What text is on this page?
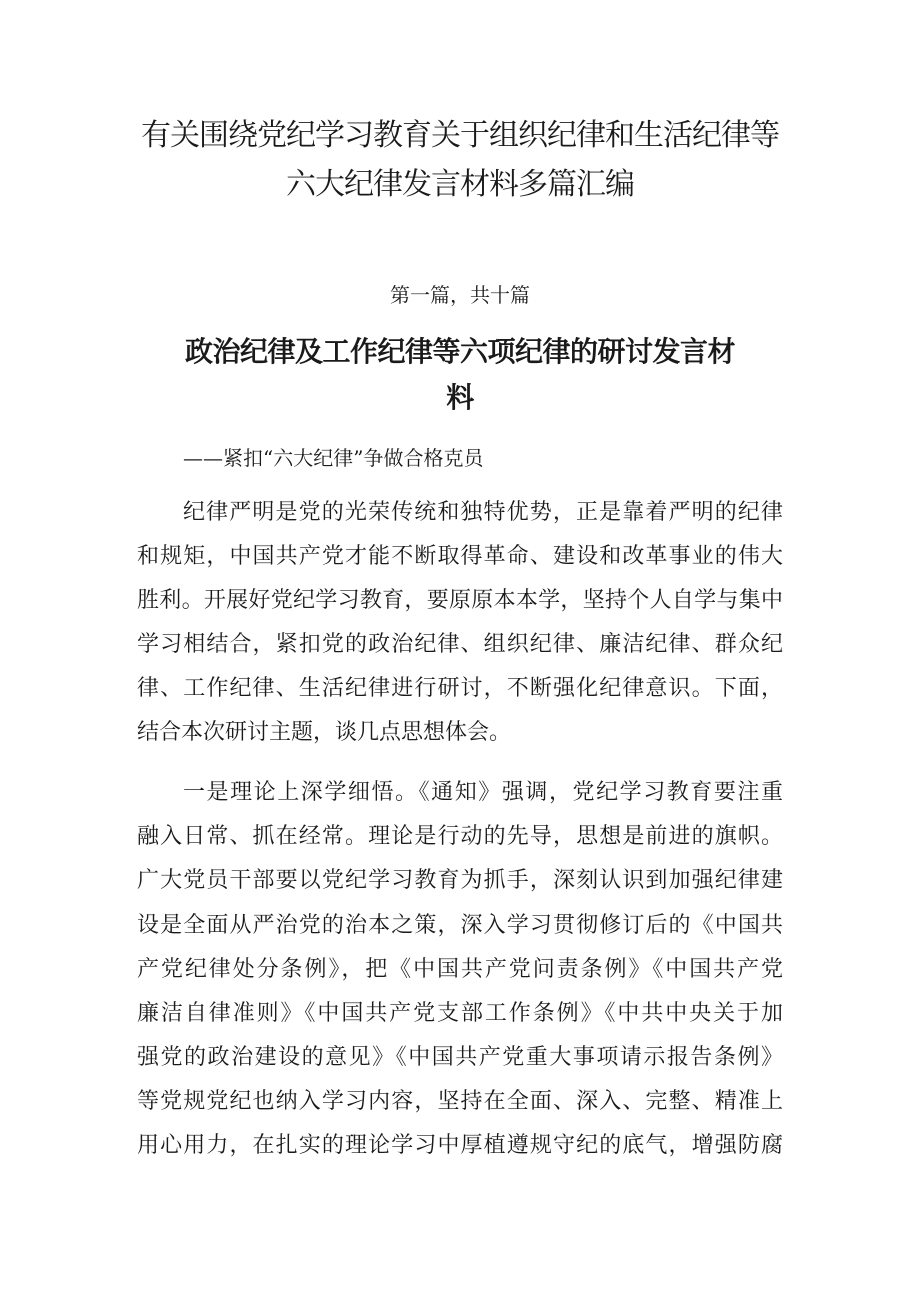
有关围绕党纪学习教育关于组织纪律和生活纪律等
六大纪律发言材料多篇汇编
第一篇，共十篇
政治纪律及工作纪律等六项纪律的研讨发言材
料
——紧扣“六大纪律”争做合格克员

纪律严明是党的光荣传统和独特优势，正是靠着严明的纪律

和规矩，中国共产党才能不断取得革命、建设和改革事业的伟大

胜利。开展好党纪学习教育，要原原本本学，坚持个人自学与集中

学习相结合，紧扣党的政治纪律、组织纪律、廉洁纪律、群众纪

律、工作纪律、生活纪律进行研讨，不断强化纪律意识。下面，

结合本次研讨主题，谈几点思想体会。

一是理论上深学细悟。《通知》强调，党纪学习教育要注重

融入日常、抓在经常。理论是行动的先导，思想是前进的旗帜。

广大党员干部要以党纪学习教育为抓手，深刻认识到加强纪律建

设是全面从严治党的治本之策，深入学习贯彻修订后的《中国共

产党纪律处分条例》，把《中国共产党问责条例》《中国共产党

廉洁自律准则》《中国共产党支部工作条例》《中共中央关于加

强党的政治建设的意见》《中国共产党重大事项请示报告条例》

等党规党纪也纳入学习内容，坚持在全面、深入、完整、精准上

用心用力，在扎实的理论学习中厚植遵规守纪的底气，增强防腐
